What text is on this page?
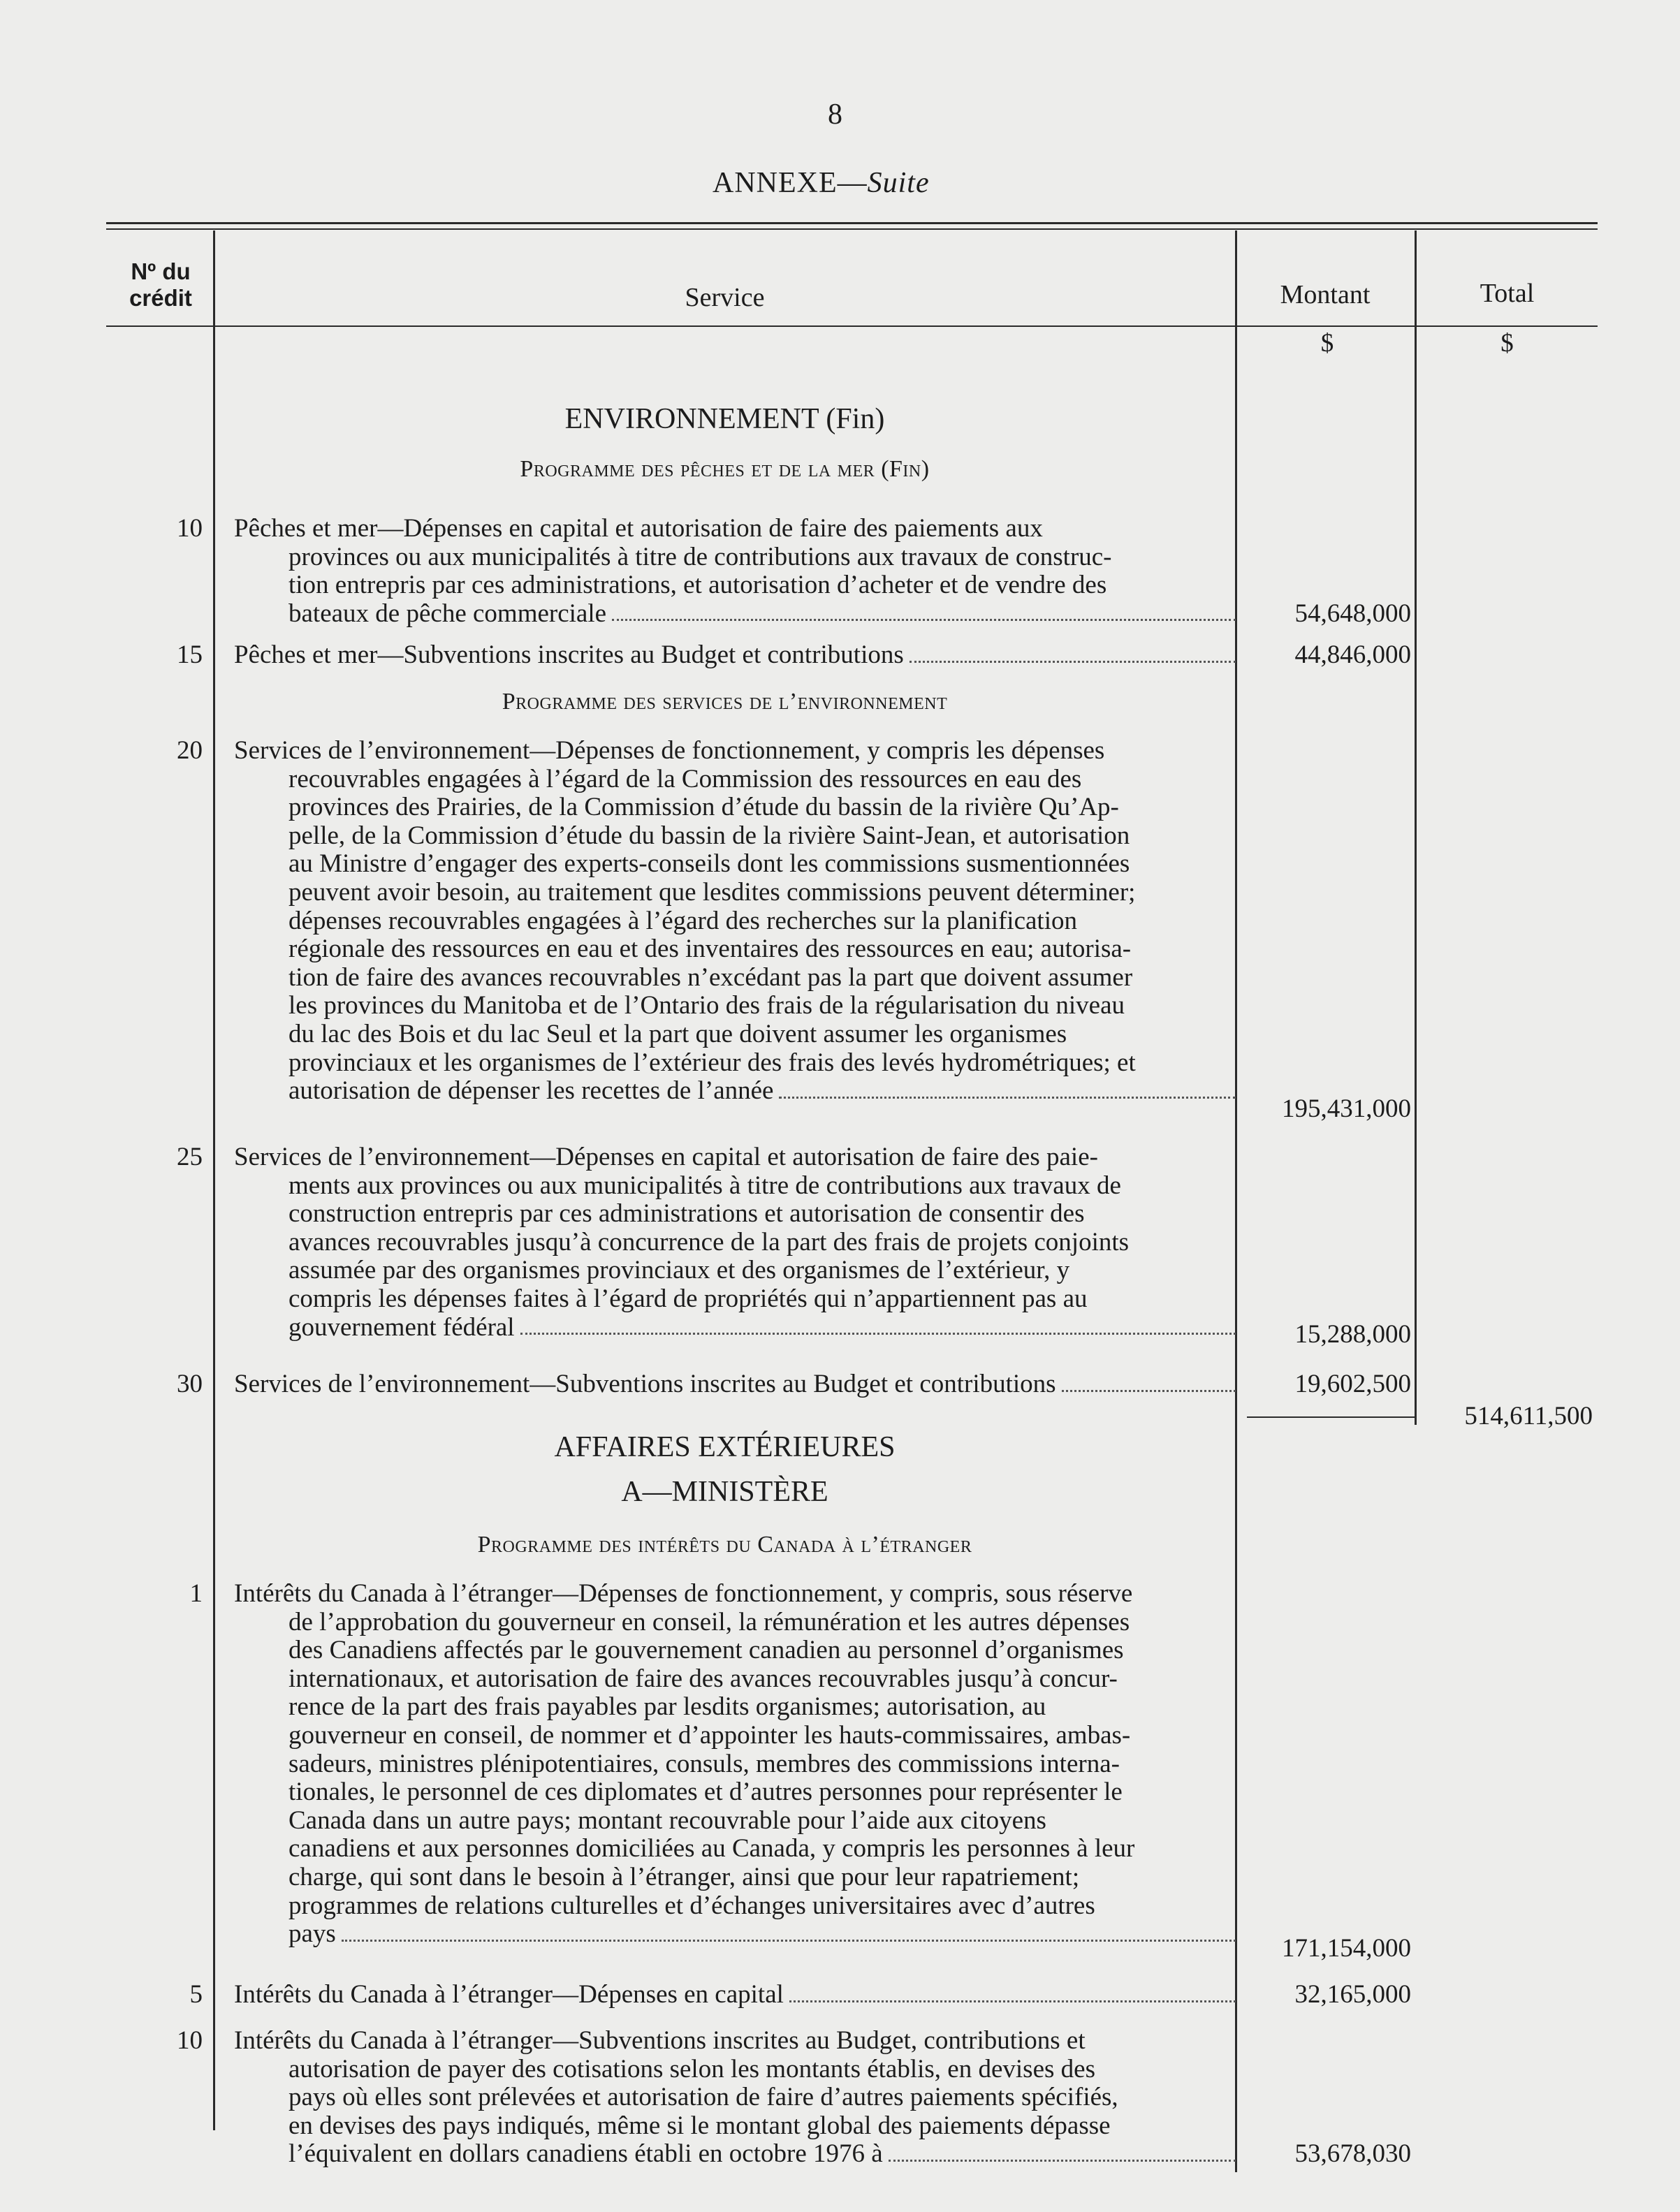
8
ANNEXE—Suite
Nº du
crédit	Service	Montant	Total
$	$
ENVIRONNEMENT (Fin)
Programme des pêches et de la mer (Fin)
10 Pêches et mer—Dépenses en capital et autorisation de faire des paiements aux
provinces ou aux municipalités à titre de contributions aux travaux de construc-
tion entrepris par ces administrations, et autorisation d’acheter et de vendre des
bateaux de pêche commerciale	54,648,000
15 Pêches et mer—Subventions inscrites au Budget et contributions	44,846,000
Programme des services de l’environnement
20 Services de l’environnement—Dépenses de fonctionnement, y compris les dépenses
recouvrables engagées à l’égard de la Commission des ressources en eau des
provinces des Prairies, de la Commission d’étude du bassin de la rivière Qu’Ap-
pelle, de la Commission d’étude du bassin de la rivière Saint-Jean, et autorisation
au Ministre d’engager des experts-conseils dont les commissions susmentionnées
peuvent avoir besoin, au traitement que lesdites commissions peuvent déterminer;
dépenses recouvrables engagées à l’égard des recherches sur la planification
régionale des ressources en eau et des inventaires des ressources en eau; autorisa-
tion de faire des avances recouvrables n’excédant pas la part que doivent assumer
les provinces du Manitoba et de l’Ontario des frais de la régularisation du niveau
du lac des Bois et du lac Seul et la part que doivent assumer les organismes
provinciaux et les organismes de l’extérieur des frais des levés hydrométriques; et
autorisation de dépenser les recettes de l’année
195,431,000
25 Services de l’environnement—Dépenses en capital et autorisation de faire des paie-
ments aux provinces ou aux municipalités à titre de contributions aux travaux de
construction entrepris par ces administrations et autorisation de consentir des
avances recouvrables jusqu’à concurrence de la part des frais de projets conjoints
assumée par des organismes provinciaux et des organismes de l’extérieur, y
compris les dépenses faites à l’égard de propriétés qui n’appartiennent pas au
gouvernement fédéral	15,288,000
30 Services de l’environnement—Subventions inscrites au Budget et contributions	19,602,500
514,611,500
AFFAIRES EXTÉRIEURES
A—MINISTÈRE
Programme des intérêts du Canada à l’étranger
1 Intérêts du Canada à l’étranger—Dépenses de fonctionnement, y compris, sous réserve
de l’approbation du gouverneur en conseil, la rémunération et les autres dépenses
des Canadiens affectés par le gouvernement canadien au personnel d’organismes
internationaux, et autorisation de faire des avances recouvrables jusqu’à concur-
rence de la part des frais payables par lesdits organismes; autorisation, au
gouverneur en conseil, de nommer et d’appointer les hauts-commissaires, ambas-
sadeurs, ministres plénipotentiaires, consuls, membres des commissions interna-
tionales, le personnel de ces diplomates et d’autres personnes pour représenter le
Canada dans un autre pays; montant recouvrable pour l’aide aux citoyens
canadiens et aux personnes domiciliées au Canada, y compris les personnes à leur
charge, qui sont dans le besoin à l’étranger, ainsi que pour leur rapatriement;
programmes de relations culturelles et d’échanges universitaires avec d’autres
pays
171,154,000
5 Intérêts du Canada à l’étranger—Dépenses en capital	32,165,000
10 Intérêts du Canada à l’étranger—Subventions inscrites au Budget, contributions et
autorisation de payer des cotisations selon les montants établis, en devises des
pays où elles sont prélevées et autorisation de faire d’autres paiements spécifiés,
en devises des pays indiqués, même si le montant global des paiements dépasse
l’équivalent en dollars canadiens établi en octobre 1976 à	53,678,030
